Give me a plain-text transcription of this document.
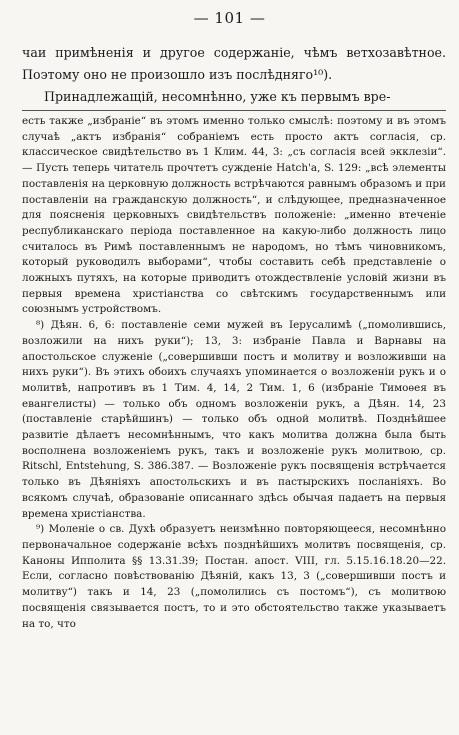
— 101 —

чаи примѣненія и другое содержаніе, чѣмъ ветхозавѣтное. Поэтому оно не произошло изъ послѣдняго¹⁰).

Принадлежащій, несомнѣнно, уже къ первымъ вре-

есть также „избраніе“ въ этомъ именно только смыслѣ: поэтому и въ этомъ случаѣ „актъ избранія“ собраніемъ есть просто актъ согласія, ср. классическое свидѣтельство въ 1 Клим. 44, 3: „съ согласія всей экклезіи“. — Пусть теперь читатель прочтетъ сужденіе Hatch'a, S. 129: „всѣ элементы поставленія на церковную должность встрѣчаются равнымъ образомъ и при поставленіи на гражданскую должность“, и слѣдующее, предназначенное для поясненія церковныхъ свидѣтельствъ положеніе: „именно втеченіе республиканскаго періода поставленное на какую-либо должность лицо считалось въ Римѣ поставленнымъ не народомъ, но тѣмъ чиновникомъ, который руководилъ выборами“, чтобы составить себѣ представленіе о ложныхъ путяхъ, на которые приводитъ отождествленіе условій жизни въ первыя времена христіанства со свѣтскимъ государственнымъ или союзнымъ устройствомъ.

⁸) Дѣян. 6, 6: поставленіе семи мужей въ Іерусалимѣ („помолившись, возложили на нихъ руки“); 13, 3: избраніе Павла и Варнавы на апостольское служеніе („совершивши постъ и молитву и возложивши на нихъ руки“). Въ этихъ обоихъ случаяхъ упоминается о возложеніи рукъ и о молитвѣ, напротивъ въ 1 Тим. 4, 14, 2 Тим. 1, 6 (избраніе Тимоѳея въ евангелисты) — только объ одномъ возложеніи рукъ, а Дѣян. 14, 23 (поставленіе старѣйшинъ) — только объ одной молитвѣ. Позднѣйшее развитіе дѣлаетъ несомнѣннымъ, что какъ молитва должна была быть восполнена возложеніемъ рукъ, такъ и возложеніе рукъ молитвою, ср. Ritschl, Entstehung, S. 386.387. — Возложеніе рукъ посвященія встрѣчается только въ Дѣяніяхъ апостольскихъ и въ пастырскихъ посланіяхъ. Во всякомъ случаѣ, образованіе описаннаго здѣсь обычая падаетъ на первыя времена христіанства.

⁹) Моленіе о св. Духѣ образуетъ неизмѣнно повторяющееся, несомнѣнно первоначальное содержаніе всѣхъ позднѣйшихъ молитвъ посвященія, ср. Каноны Ипполита §§ 13.31.39; Постан. апост. VIII, гл. 5.15.16.18.20—22. Если, согласно повѣствованію Дѣяній, какъ 13, 3 („совершивши постъ и молитву“) такъ и 14, 23 („помолились съ постомъ“), съ молитвою посвященія связывается постъ, то и это обстоятельство также указываетъ на то, что
